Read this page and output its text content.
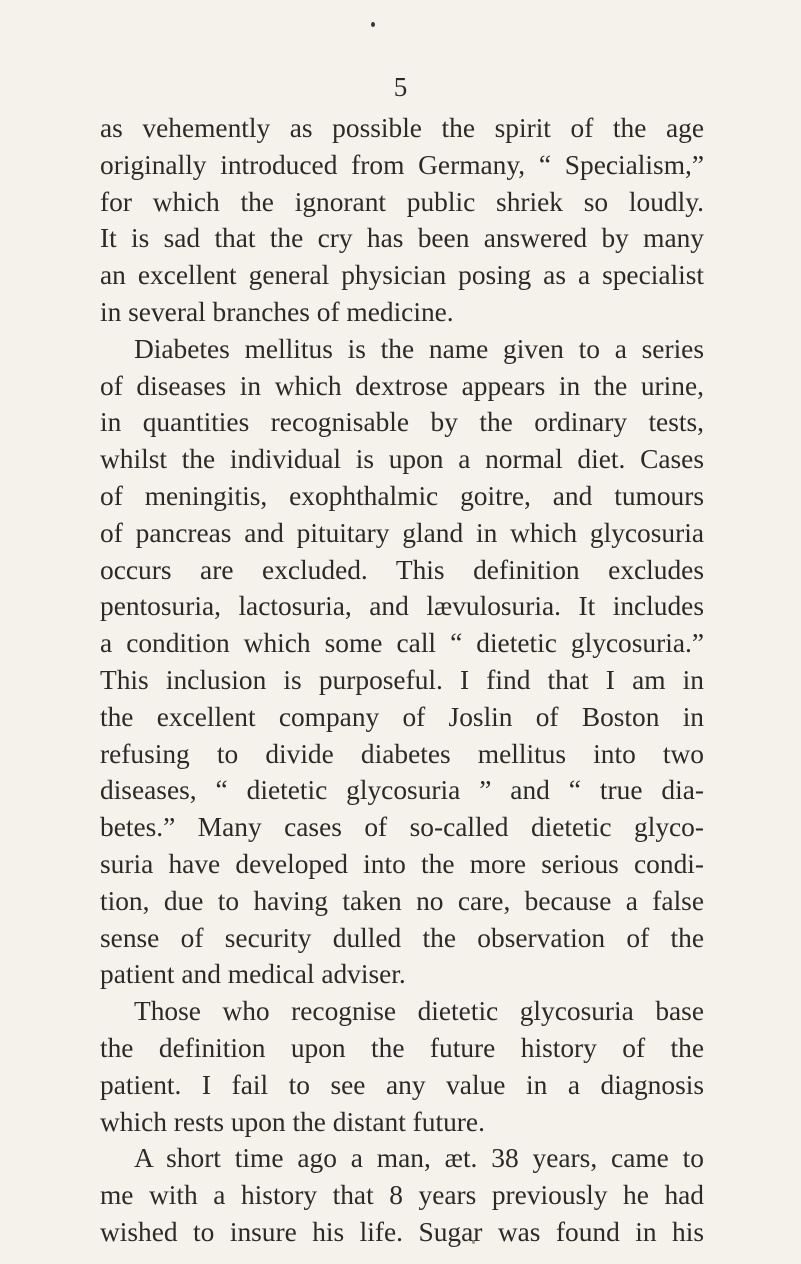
5
as vehemently as possible the spirit of the age
originally introduced from Germany, “ Specialism,”
for which the ignorant public shriek so loudly.
It is sad that the cry has been answered by many
an excellent general physician posing as a specialist
in several branches of medicine.
Diabetes mellitus is the name given to a series
of diseases in which dextrose appears in the urine,
in quantities recognisable by the ordinary tests,
whilst the individual is upon a normal diet. Cases
of meningitis, exophthalmic goitre, and tumours
of pancreas and pituitary gland in which glycosuria
occurs are excluded. This definition excludes
pentosuria, lactosuria, and lævulosuria. It includes
a condition which some call “ dietetic glycosuria.”
This inclusion is purposeful. I find that I am in
the excellent company of Joslin of Boston in
refusing to divide diabetes mellitus into two
diseases, “ dietetic glycosuria ” and “ true dia-
betes.” Many cases of so-called dietetic glyco-
suria have developed into the more serious condi-
tion, due to having taken no care, because a false
sense of security dulled the observation of the
patient and medical adviser.
Those who recognise dietetic glycosuria base
the definition upon the future history of the
patient. I fail to see any value in a diagnosis
which rests upon the distant future.
A short time ago a man, æt. 38 years, came to
me with a history that 8 years previously he had
wished to insure his life. Sugar was found in his
